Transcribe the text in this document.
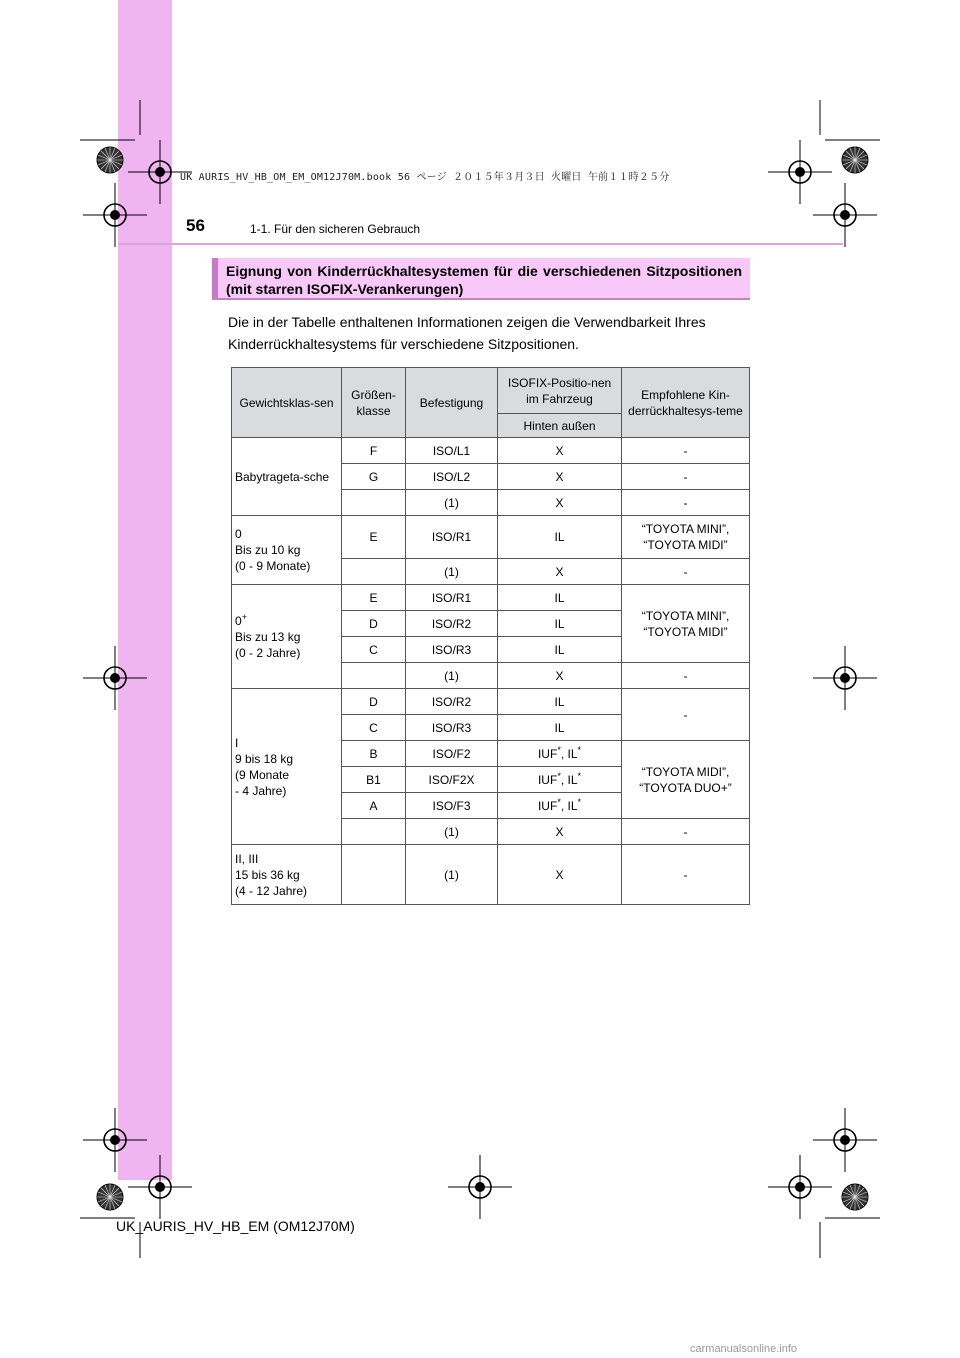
56	1-1. Für den sicheren Gebrauch
UK AURIS_HV_HB_OM_EM_OM12J70M.book 56 ページ ２０１５年３月３日 火曜日 午前１１時２５分
Eignung von Kinderrückhaltesystemen für die verschiedenen Sitzpositionen (mit starren ISOFIX-Verankerungen)
Die in der Tabelle enthaltenen Informationen zeigen die Verwendbarkeit Ihres Kinderrückhaltesystems für verschiedene Sitzpositionen.
Gewichtsklas-sen	Größen-klasse	Befestigung	ISOFIX-Positio-nen im Fahrzeug	Empfohlene Kin-derrückhaltesys-teme
			Hinten außen	
Babytrageta-sche	F	ISO/L1	X	-
	G	ISO/L2	X	-
		(1)	X	-
0
Bis zu 10 kg
(0 - 9 Monate)	E	ISO/R1	IL	“TOYOTA MINI”, “TOYOTA MIDI”
		(1)	X	-
0+
Bis zu 13 kg
(0 - 2 Jahre)	E	ISO/R1	IL	“TOYOTA MINI”, “TOYOTA MIDI”
	D	ISO/R2	IL	
	C	ISO/R3	IL	
		(1)	X	-
I
9 bis 18 kg
(9 Monate
- 4 Jahre)	D	ISO/R2	IL	-
	C	ISO/R3	IL	
	B	ISO/F2	IUF*, IL*	“TOYOTA MIDI”, “TOYOTA DUO+”
	B1	ISO/F2X	IUF*, IL*
	A	ISO/F3	IUF*, IL*
		(1)	X	-
II, III
15 bis 36 kg
(4 - 12 Jahre)		(1)	X	-
UK_AURIS_HV_HB_EM (OM12J70M)
carmanualsonline.info
